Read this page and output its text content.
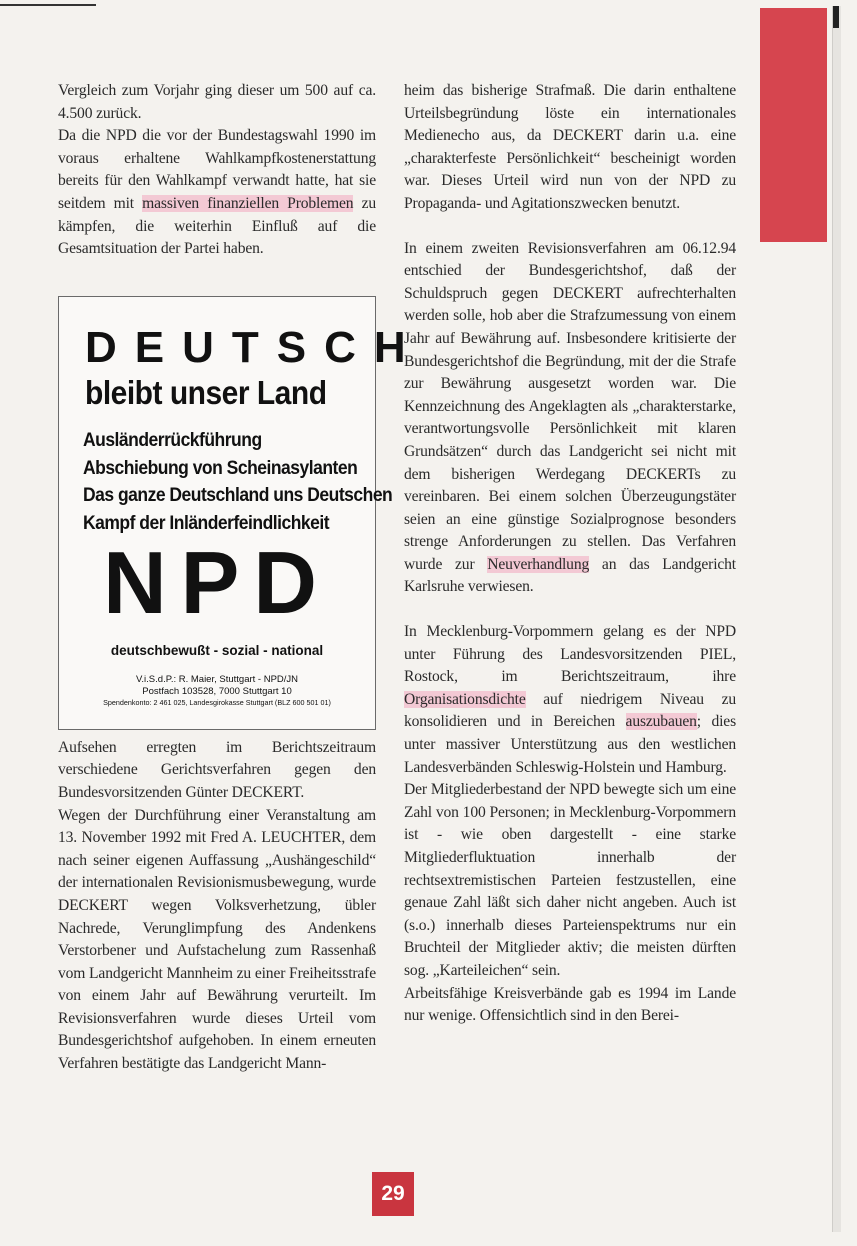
Vergleich zum Vorjahr ging dieser um 500 auf ca. 4.500 zurück.

Da die NPD die vor der Bundestagswahl 1990 im voraus erhaltene Wahlkampfkostenerstattung bereits für den Wahlkampf verwandt hatte, hat sie seitdem mit massiven finanziellen Problemen zu kämpfen, die weiterhin Einfluß auf die Gesamtsituation der Partei haben.

Aufsehen erregten im Berichtszeitraum verschiedene Gerichtsverfahren gegen den Bundesvorsitzenden Günter DECKERT.

Wegen der Durchführung einer Veranstaltung am 13. November 1992 mit Fred A. LEUCHTER, dem nach seiner eigenen Auffassung „Aushängeschild“ der internationalen Revisionismusbewegung, wurde DECKERT wegen Volksverhetzung, übler Nachrede, Verunglimpfung des Andenkens Verstorbener und Aufstachelung zum Rassenhaß vom Landgericht Mannheim zu einer Freiheitsstrafe von einem Jahr auf Bewährung verurteilt. Im Revisionsverfahren wurde dieses Urteil vom Bundesgerichtshof aufgehoben. In einem erneuten Verfahren bestätigte das Landgericht Mann-

DEUTSCH
bleibt unser Land
Ausländerrückführung
Abschiebung von Scheinasylanten
Das ganze Deutschland uns Deutschen
Kampf der Inländerfeindlichkeit
NPD
deutschbewußt - sozial - national
V.i.S.d.P.: R. Maier, Stuttgart - NPD/JN
Postfach 103528, 7000 Stuttgart 10
Spendenkonto: 2 461 025, Landesgirokasse Stuttgart (BLZ 600 501 01)

heim das bisherige Strafmaß. Die darin enthaltene Urteilsbegründung löste ein internationales Medienecho aus, da DECKERT darin u.a. eine „charakterfeste Persönlichkeit“ bescheinigt worden war. Dieses Urteil wird nun von der NPD zu Propaganda- und Agitationszwecken benutzt.

In einem zweiten Revisionsverfahren am 06.12.94 entschied der Bundesgerichtshof, daß der Schuldspruch gegen DECKERT aufrechterhalten werden solle, hob aber die Strafzumessung von einem Jahr auf Bewährung auf. Insbesondere kritisierte der Bundesgerichtshof die Begründung, mit der die Strafe zur Bewährung ausgesetzt worden war. Die Kennzeichnung des Angeklagten als „charakterstarke, verantwortungsvolle Persönlichkeit mit klaren Grundsätzen“ durch das Landgericht sei nicht mit dem bisherigen Werdegang DECKERTs zu vereinbaren. Bei einem solchen Überzeugungstäter seien an eine günstige Sozialprognose besonders strenge Anforderungen zu stellen. Das Verfahren wurde zur Neuverhandlung an das Landgericht Karlsruhe verwiesen.

In Mecklenburg-Vorpommern gelang es der NPD unter Führung des Landesvorsitzenden PIEL, Rostock, im Berichtszeitraum, ihre Organisationsdichte auf niedrigem Niveau zu konsolidieren und in Bereichen auszubauen; dies unter massiver Unterstützung aus den westlichen Landesverbänden Schleswig-Holstein und Hamburg.

Der Mitgliederbestand der NPD bewegte sich um eine Zahl von 100 Personen; in Mecklenburg-Vorpommern ist - wie oben dargestellt - eine starke Mitgliederfluktuation innerhalb der rechtsextremistischen Parteien festzustellen, eine genaue Zahl läßt sich daher nicht angeben. Auch ist (s.o.) innerhalb dieses Parteienspektrums nur ein Bruchteil der Mitglieder aktiv; die meisten dürften sog. „Karteileichen“ sein.

Arbeitsfähige Kreisverbände gab es 1994 im Lande nur wenige. Offensichtlich sind in den Berei-

29
